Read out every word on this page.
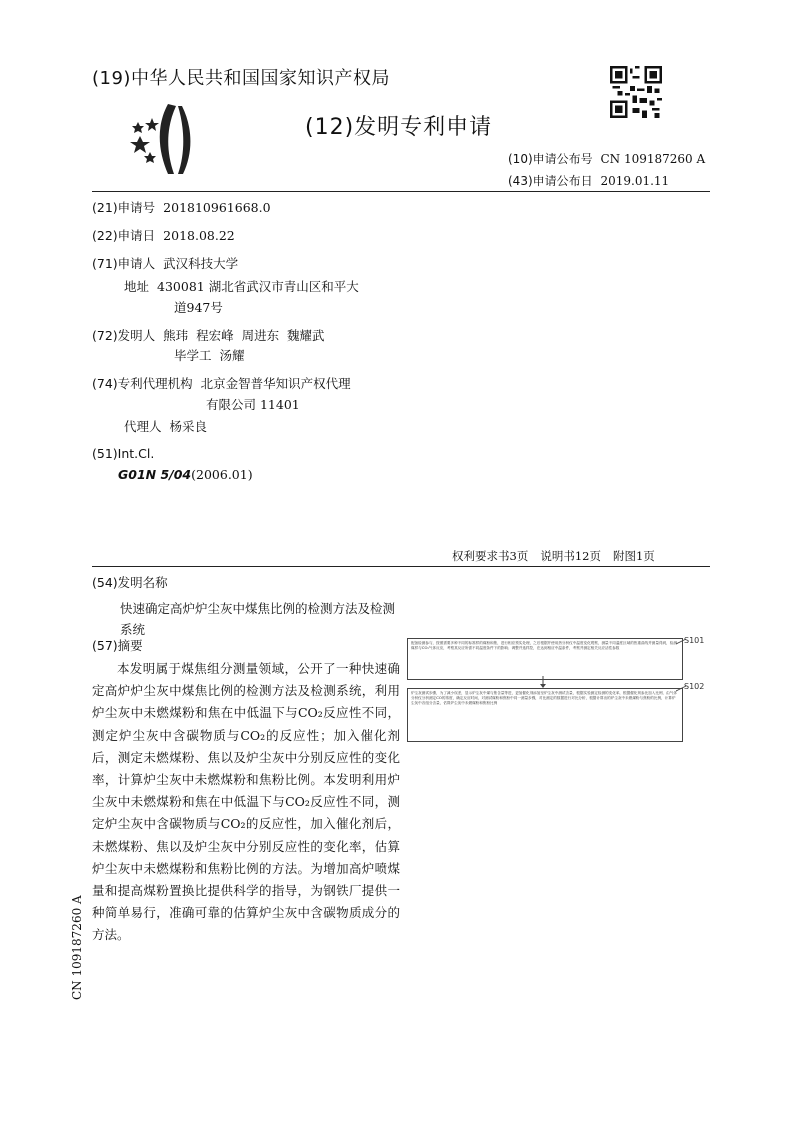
(19)中华人民共和国国家知识产权局
(12)发明专利申请
(10)申请公布号 CN 109187260 A
(43)申请公布日 2019.01.11
(21)申请号 201810961668.0
(22)申请日 2018.08.22
(71)申请人 武汉科技大学
地址 430081 湖北省武汉市青山区和平大
道947号
(72)发明人 熊玮  程宏峰  周进东  魏耀武
毕学工  汤耀
(74)专利代理机构 北京金智普华知识产权代理
有限公司 11401
代理人 杨采良
(51)Int.Cl.
G01N 5/04(2006.01)
权利要求书3页 说明书12页 附图1页
(54)发明名称
快速确定高炉炉尘灰中煤焦比例的检测方法及检测系统
(57)摘要
本发明属于煤焦组分测量领域，公开了一种快速确定高炉炉尘灰中煤焦比例的检测方法及检测系统，利用炉尘灰中未燃煤粉和焦在中低温下与CO₂反应性不同，测定炉尘灰中含碳物质与CO₂的反应性；加入催化剂后，测定未燃煤粉、焦以及炉尘灰中分别反应性的变化率，计算炉尘灰中未燃煤粉和焦粉比例。本发明利用炉尘灰中未燃煤粉和焦在中低温下与CO₂反应性不同，测定炉尘灰中含碳物质与CO₂的反应性，加入催化剂后，未燃煤粉、焦以及炉尘灰中分别反应性的变化率，估算炉尘灰中未燃煤粉和焦粉比例的方法。为增加高炉喷煤量和提高煤粉置换比提供科学的指导，为钢铁厂提供一种简单易行，准确可靠的估算炉尘灰中含碳物质成分的方法。
配备检测参与，按照需要多种不同的标准样的煤粉和焦，进行相应预实处理，之后根据并使用热分析仪中温度变化观察，测量不同温度区域的热重曲线并测量得到，检测煤样与CO₂气体反应，考察其反应所需不同温度条件下的影响；调整并选样控，在达到相应中温条件，考察并测定相关反应活性参数
S101
炉尘灰测试步骤，为了减小误差，显示炉尘灰中煤与焦含量等进，更加催化剂添加至炉尘灰中测试含量，根据实验测定检测的变化率，根据催化剂参比加入比例，由气体分析仪分析测定CO的浓度，确定反应时间，对测试煤粉和焦粉中同一测量步骤，对比测定的数据进行对比分析，根据计算出的炉尘灰中未燃煤粉与焦粉的比例，计算炉尘灰中各组分含量，估算炉尘灰中未燃煤粉和焦粉比例
S102
CN 109187260 A
